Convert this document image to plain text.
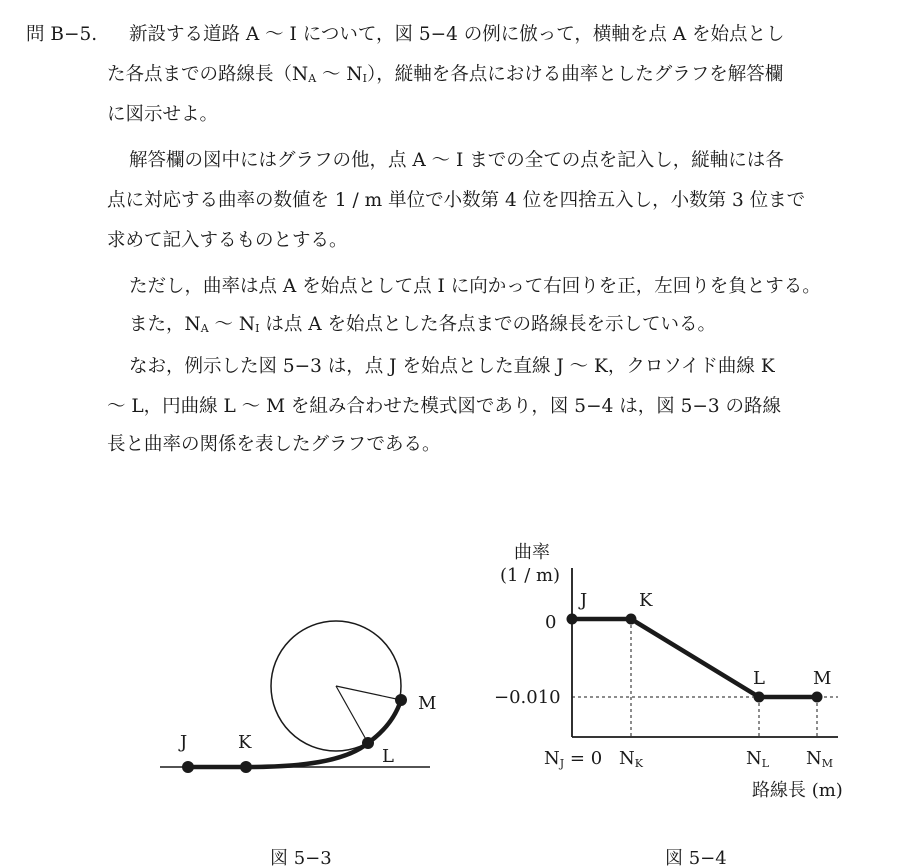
問 B−5. 新設する道路 A 〜 I について，図 5−4 の例に倣って，横軸を点 A を始点とし
た各点までの路線長（$N_A$ 〜 $N_I$），縦軸を各点における曲率としたグラフを解答欄
に図示せよ。
解答欄の図中にはグラフの他，点 A 〜 I までの全ての点を記入し，縦軸には各
点に対応する曲率の数値を 1 / m 単位で小数第 4 位を四捨五入し，小数第 3 位まで
求めて記入するものとする。
ただし，曲率は点 A を始点として点 I に向かって右回りを正，左回りを負とする。
また，$N_A$ 〜 $N_I$ は点 A を始点とした各点までの路線長を示している。
なお，例示した図 5−3 は，点 J を始点とした直線 J 〜 K，クロソイド曲線 K
〜 L，円曲線 L 〜 M を組み合わせた模式図であり，図 5−4 は，図 5−3 の路線
長と曲率の関係を表したグラフである。
J	K
L
M
図 5−3
曲率
(1 / m)
0
−0.010
J	K
L	M
NJ = 0 NK	NL NM
路線長 (m)
図 5−4
